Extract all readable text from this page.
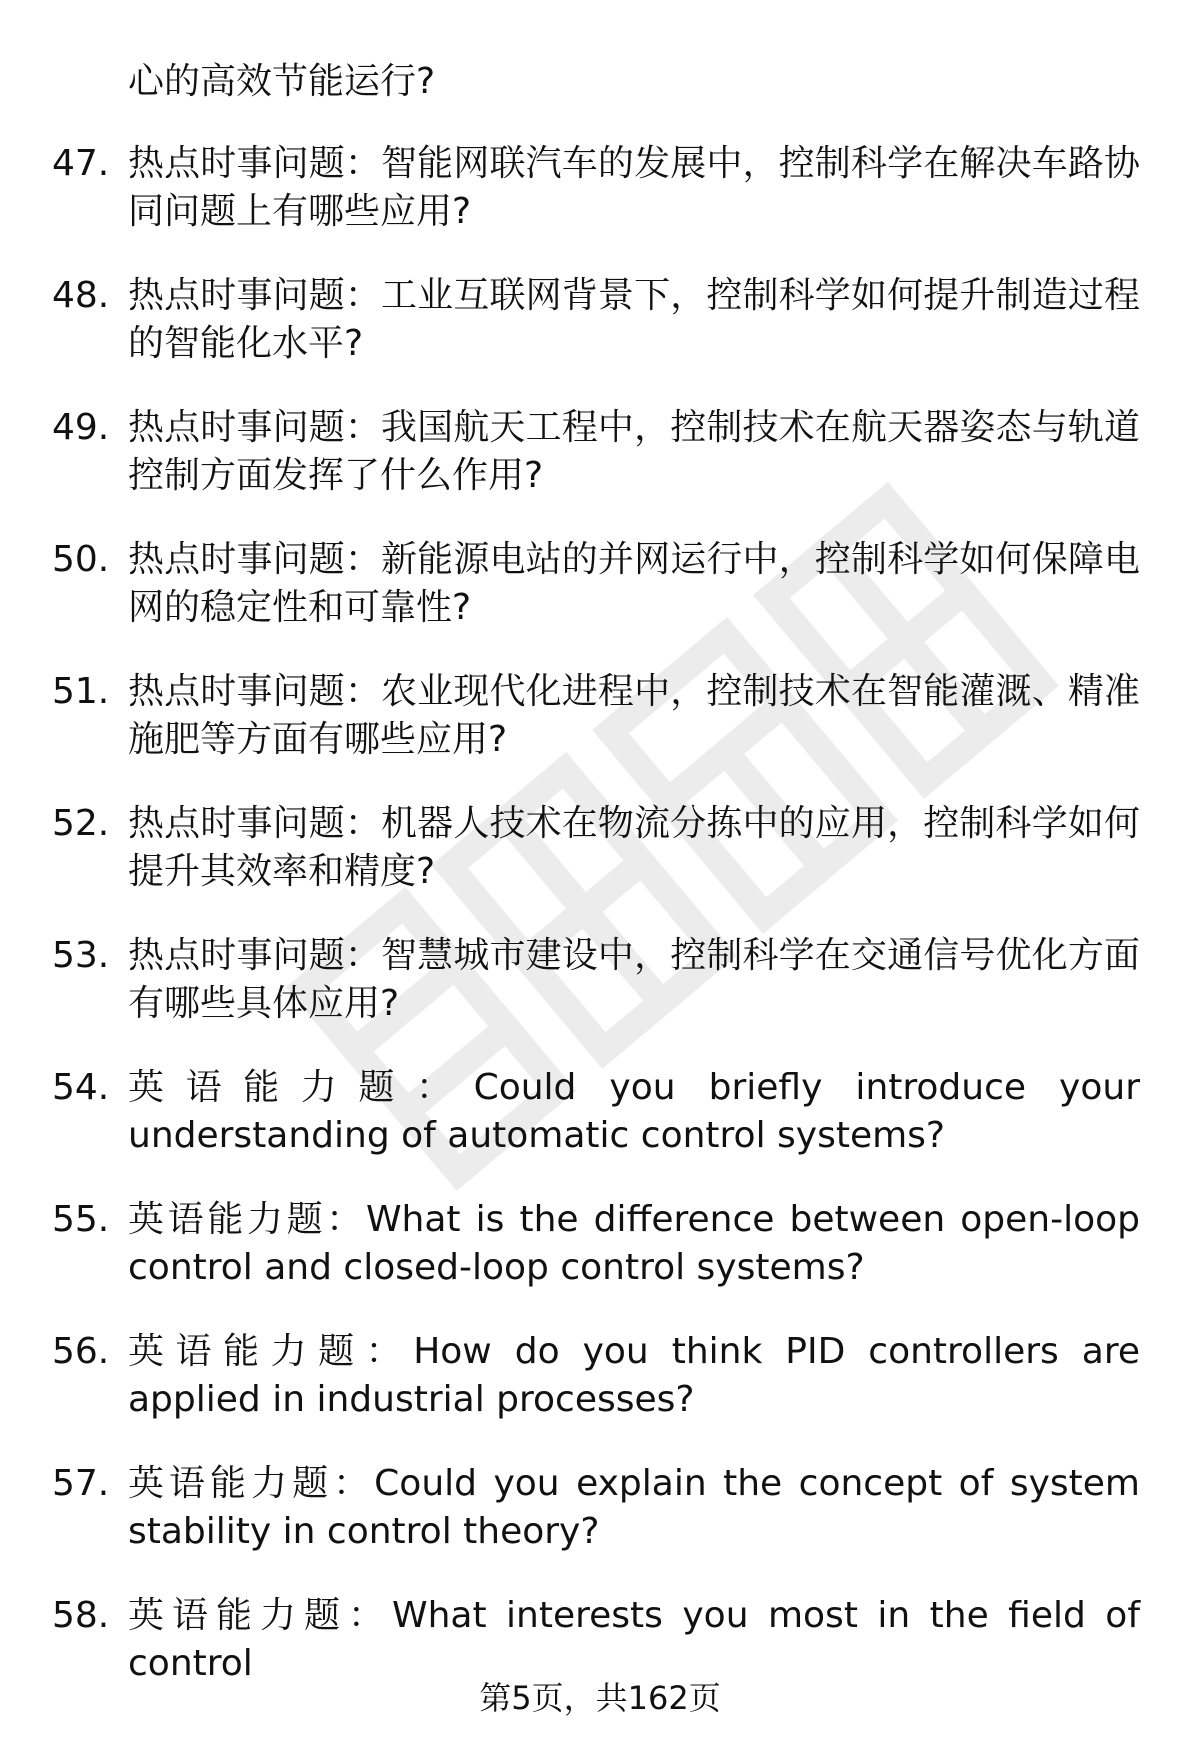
心的高效节能运行?
47. 热点时事问题：智能网联汽车的发展中，控制科学在解决车路协同问题上有哪些应用?
48. 热点时事问题：工业互联网背景下，控制科学如何提升制造过程的智能化水平?
49. 热点时事问题：我国航天工程中，控制技术在航天器姿态与轨道控制方面发挥了什么作用?
50. 热点时事问题：新能源电站的并网运行中，控制科学如何保障电网的稳定性和可靠性?
51. 热点时事问题：农业现代化进程中，控制技术在智能灌溉、精准施肥等方面有哪些应用?
52. 热点时事问题：机器人技术在物流分拣中的应用，控制科学如何提升其效率和精度?
53. 热点时事问题：智慧城市建设中，控制科学在交通信号优化方面有哪些具体应用?
54. 英语能力题：Could you briefly introduce your understanding of automatic control systems?
55. 英语能力题：What is the difference between open-loop control and closed-loop control systems?
56. 英语能力题：How do you think PID controllers are applied in industrial processes?
57. 英语能力题：Could you explain the concept of system stability in control theory?
58. 英语能力题：What interests you most in the field of control
第5页，共162页
